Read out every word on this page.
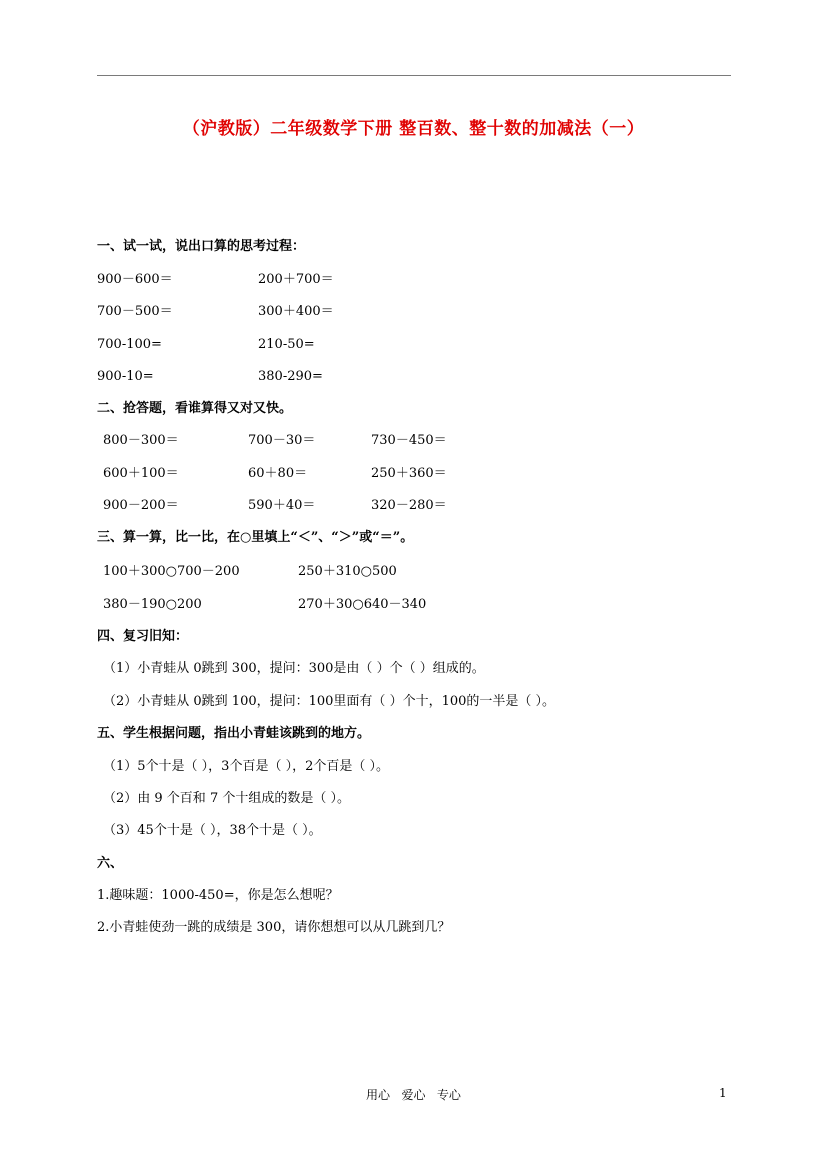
（沪教版）二年级数学下册 整百数、整十数的加减法（一）
一、试一试，说出口算的思考过程：
900－600＝	200＋700＝
700－500＝	300＋400＝
700-100=	210-50=
900-10=	380-290=
二、抢答题，看谁算得又对又快。
800－300＝	700－30＝	730－450＝
600＋100＝	60＋80＝	250＋360＝
900－200＝	590＋40＝	320－280＝
三、算一算，比一比，在○里填上“＜”、“＞”或“＝”。
100＋300○700－200	250＋310○500
380－190○200	270＋30○640－340
四、复习旧知：
（1）小青蛙从 0跳到 300，提问：300是由（ ）个（ ）组成的。
（2）小青蛙从 0跳到 100，提问：100里面有（ ）个十，100的一半是（ ）。
五、学生根据问题，指出小青蛙该跳到的地方。
（1）5个十是（ ），3个百是（ ），2个百是（ ）。
（2）由 9 个百和 7 个十组成的数是（ ）。
（3）45个十是（ ），38个十是（ ）。
六、
1.趣味题：1000-450=，你是怎么想呢？
2.小青蛙使劲一跳的成绩是 300，请你想想可以从几跳到几？
用心   爱心   专心	1
